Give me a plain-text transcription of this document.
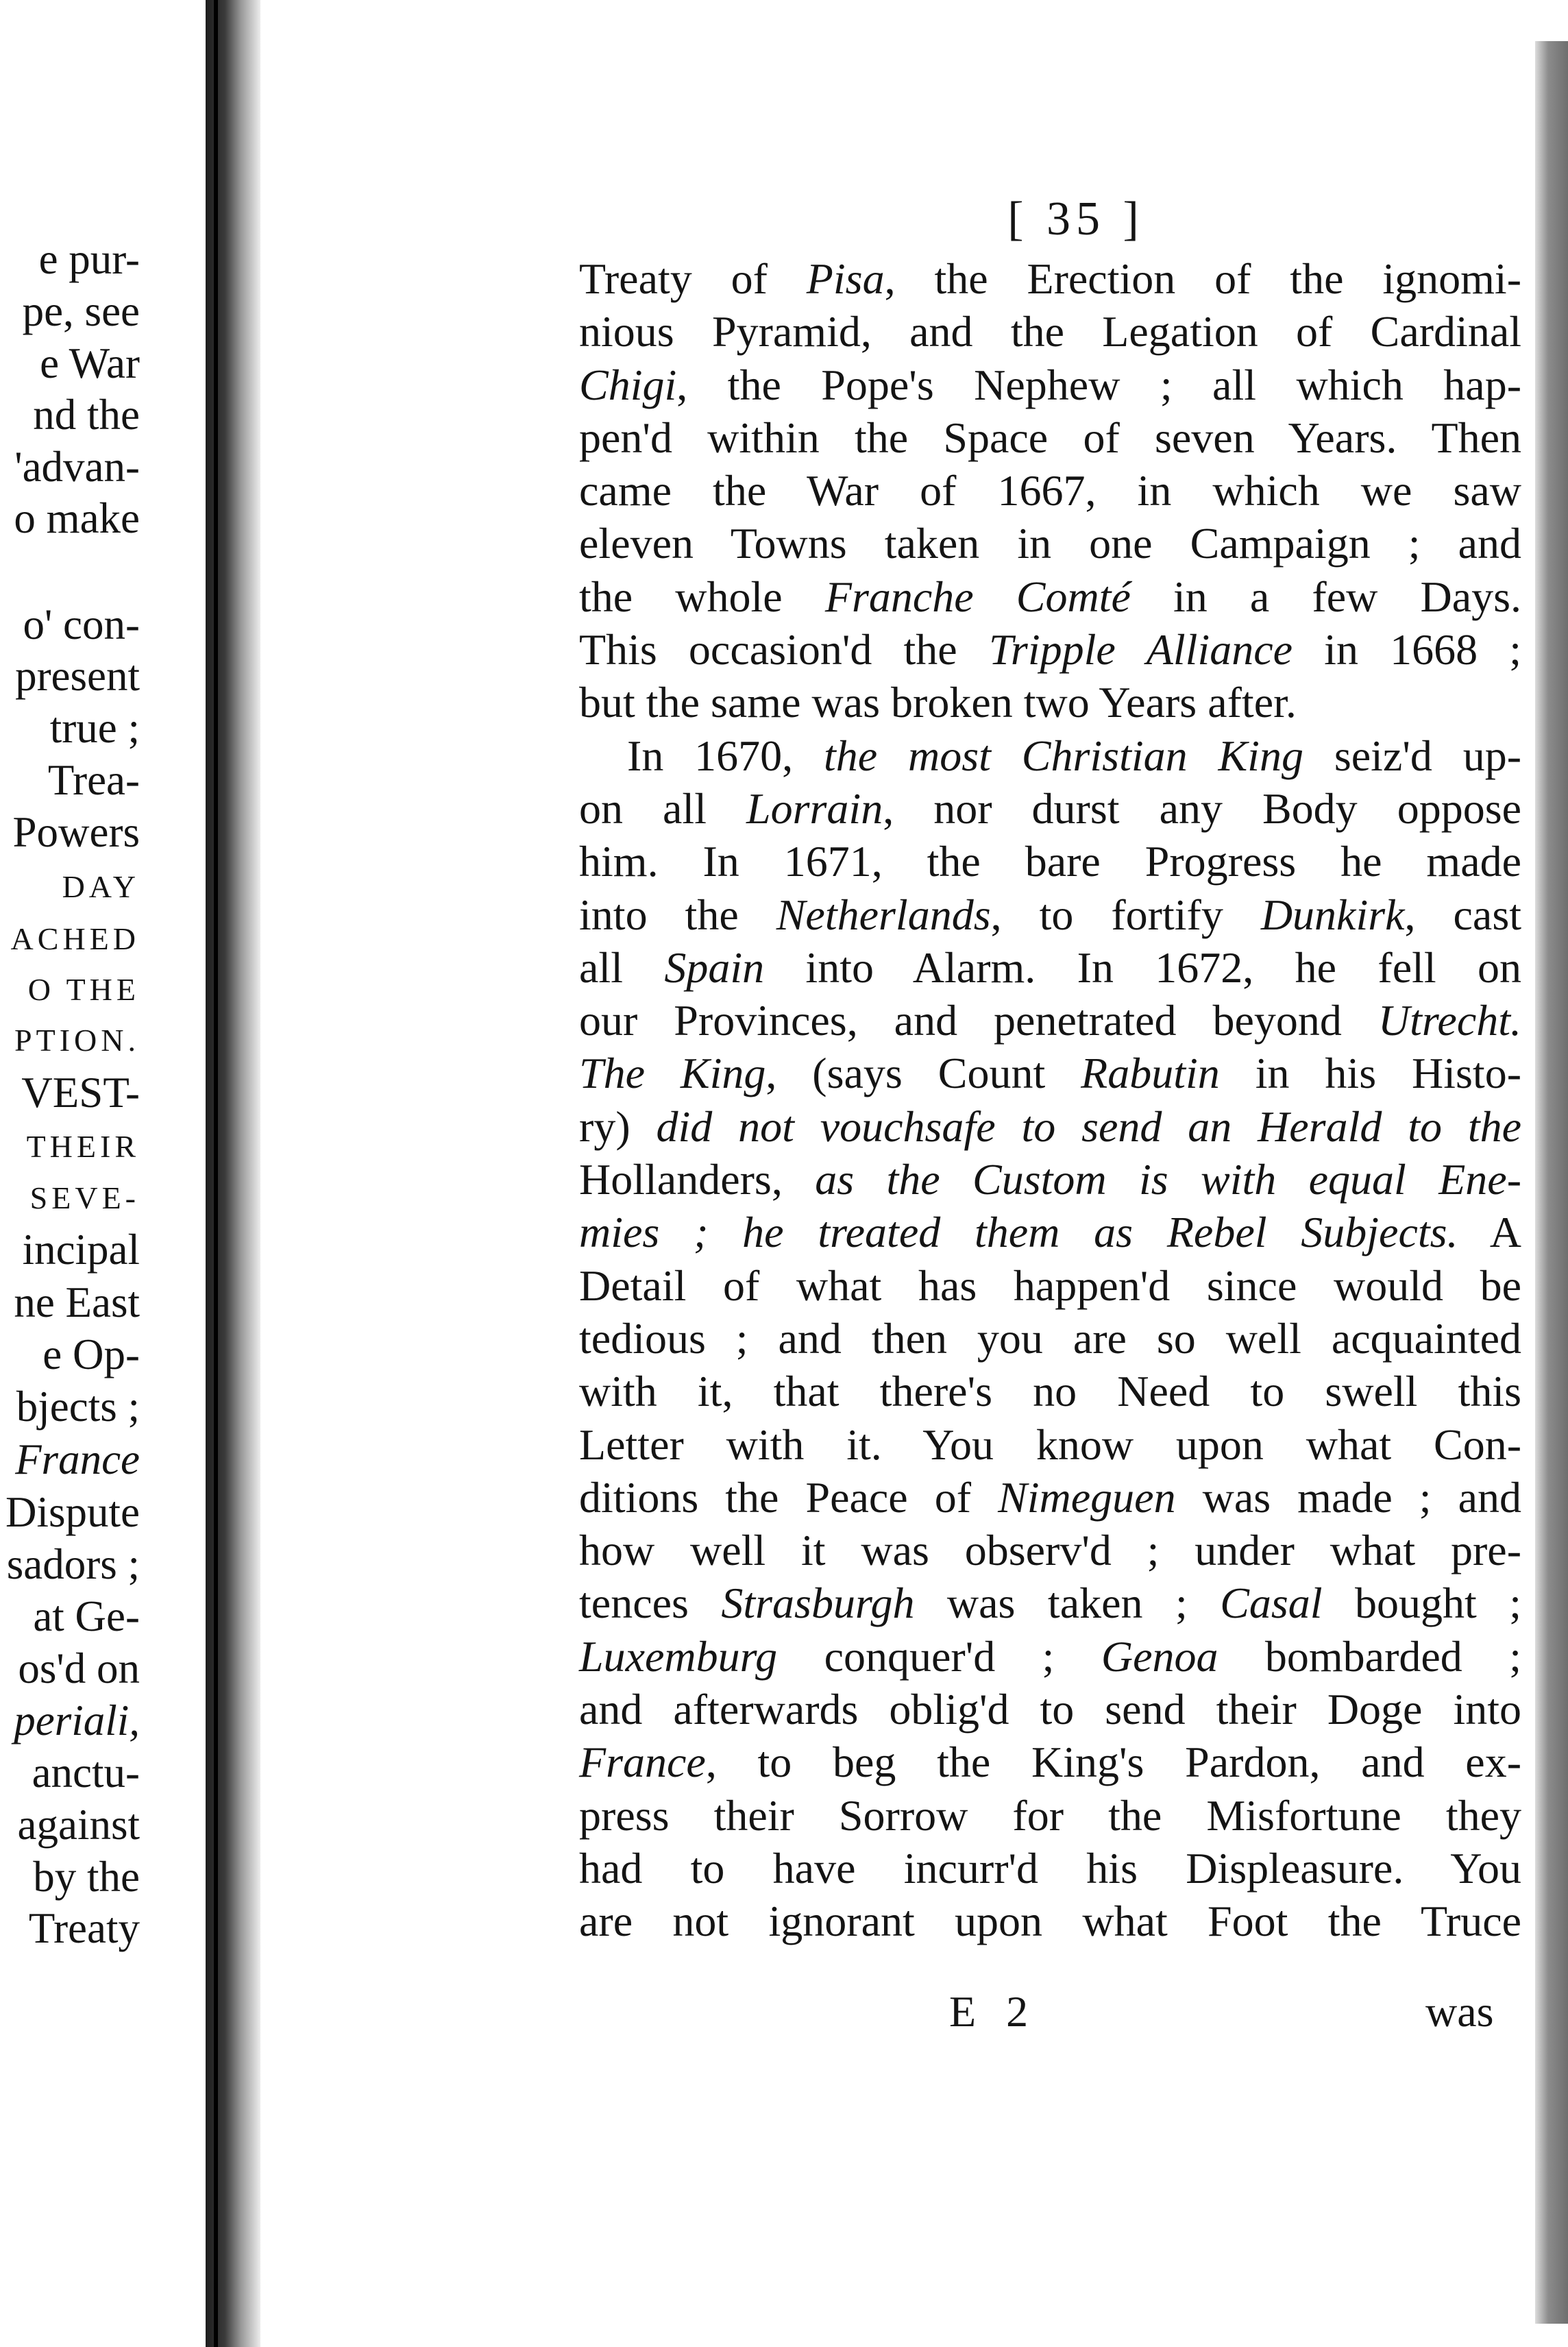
e pur-
pe, see
e War
nd the
'advan-
o make
o' con-
present
true ;
Trea-
Powers
DAY
ACHED
O THE
PTION.
VEST-
THEIR
SEVE-
incipal
ne East
e Op-
bjects ;
France
Dispute
sadors ;
at Ge-
os'd on
periali,
anctu-
against
by the
Treaty
[ 35 ]
Treaty of Pisa, the Erection of the ignomi-
nious Pyramid, and the Legation of Cardinal
Chigi, the Pope's Nephew ; all which hap-
pen'd within the Space of seven Years. Then
came the War of 1667, in which we saw
eleven Towns taken in one Campaign ; and
the whole Franche Comté in a few Days.
This occasion'd the Tripple Alliance in 1668 ;
but the same was broken two Years after.
In 1670, the most Christian King seiz'd up-
on all Lorrain, nor durst any Body oppose
him. In 1671, the bare Progress he made
into the Netherlands, to fortify Dunkirk, cast
all Spain into Alarm. In 1672, he fell on
our Provinces, and penetrated beyond Utrecht.
The King, (says Count Rabutin in his Histo-
ry) did not vouchsafe to send an Herald to the
Hollanders, as the Custom is with equal Ene-
mies ; he treated them as Rebel Subjects. A
Detail of what has happen'd since would be
tedious ; and then you are so well acquainted
with it, that there's no Need to swell this
Letter with it. You know upon what Con-
ditions the Peace of Nimeguen was made ; and
how well it was observ'd ; under what pre-
tences Strasburgh was taken ; Casal bought ;
Luxemburg conquer'd ; Genoa bombarded ;
and afterwards oblig'd to send their Doge into
France, to beg the King's Pardon, and ex-
press their Sorrow for the Misfortune they
had to have incurr'd his Displeasure. You
are not ignorant upon what Foot the Truce
E 2	was
